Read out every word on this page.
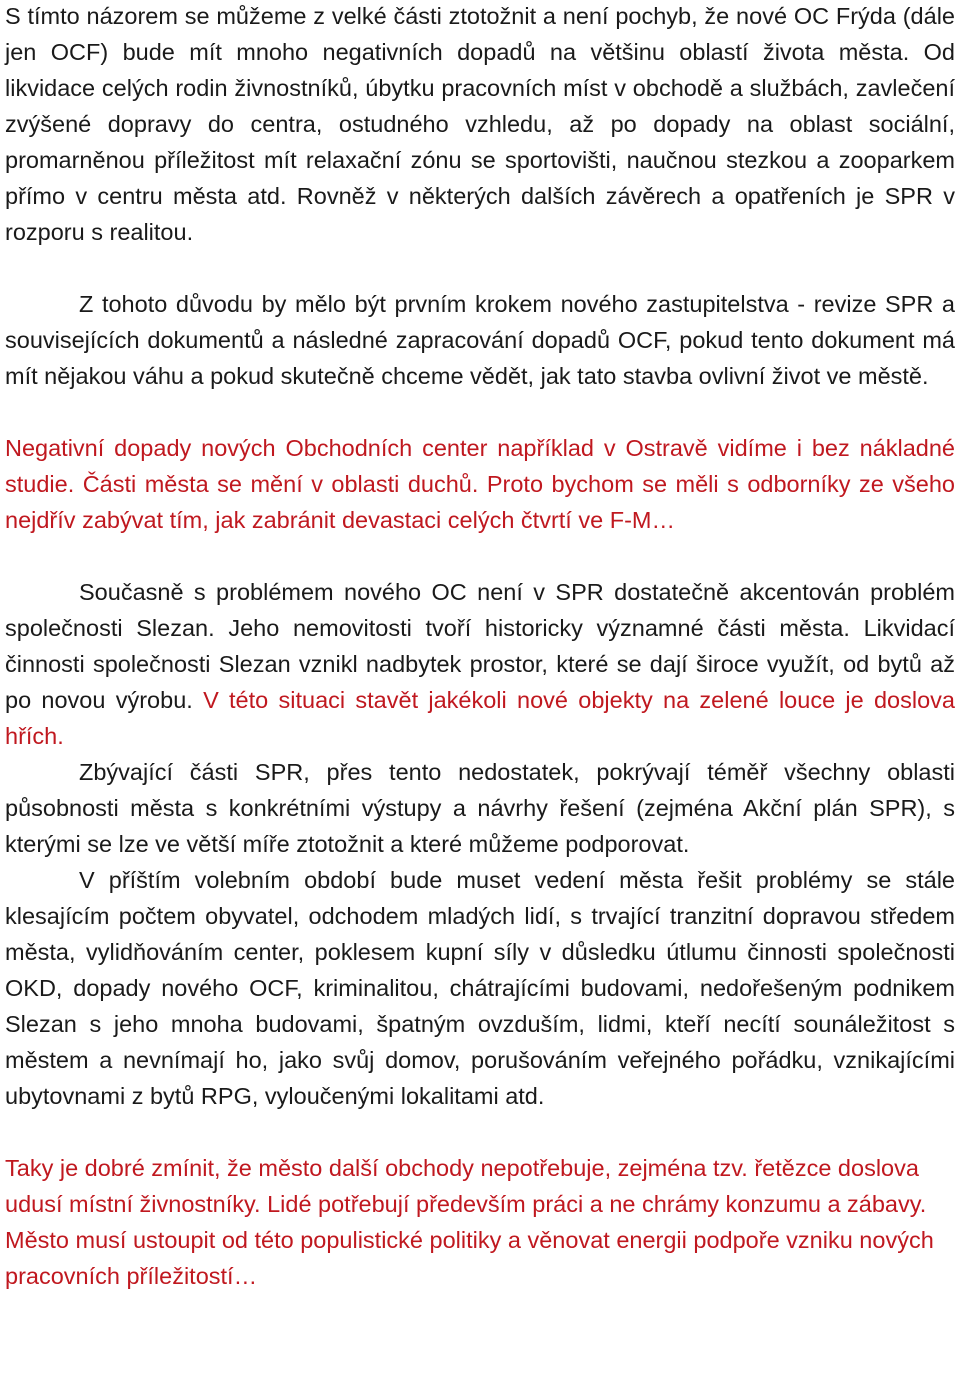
S tímto názorem se můžeme z velké části ztotožnit a není pochyb, že nové OC Frýda (dále jen OCF) bude mít mnoho negativních dopadů na většinu oblastí života města. Od likvidace celých rodin živnostníků, úbytku pracovních míst v obchodě a službách, zavlečení zvýšené dopravy do centra, ostudného vzhledu, až po dopady na oblast sociální, promarněnou příležitost mít relaxační zónu se sportovišti, naučnou stezkou a zooparkem přímo v centru města atd. Rovněž v některých dalších závěrech a opatřeních je SPR v rozporu s realitou.

Z tohoto důvodu by mělo být prvním krokem nového zastupitelstva - revize SPR a souvisejících dokumentů a následné zapracování dopadů OCF, pokud tento dokument má mít nějakou váhu a pokud skutečně chceme vědět, jak tato stavba ovlivní život ve městě.

Negativní dopady nových Obchodních center například v Ostravě vidíme i bez nákladné studie. Části města se mění v oblasti duchů. Proto bychom se měli s odborníky ze všeho nejdřív zabývat tím, jak zabránit devastaci celých čtvrtí ve F-M…

Současně s problémem nového OC není v SPR dostatečně akcentován problém společnosti Slezan. Jeho nemovitosti tvoří historicky významné části města. Likvidací činnosti společnosti Slezan vznikl nadbytek prostor, které se dají široce využít, od bytů až po novou výrobu. V této situaci stavět jakékoli nové objekty na zelené louce je doslova hřích.

Zbývající části SPR, přes tento nedostatek, pokrývají téměř všechny oblasti působnosti města s konkrétními výstupy a návrhy řešení (zejména Akční plán SPR), s kterými se lze ve větší míře ztotožnit a které můžeme podporovat.

V příštím volebním období bude muset vedení města řešit problémy se stále klesajícím počtem obyvatel, odchodem mladých lidí, s trvající tranzitní dopravou středem města, vylidňováním center, poklesem kupní síly v důsledku útlumu činnosti společnosti OKD, dopady nového OCF, kriminalitou, chátrajícími budovami, nedořešeným podnikem Slezan s jeho mnoha budovami, špatným ovzduším, lidmi, kteří necítí sounáležitost s městem a nevnímají ho, jako svůj domov, porušováním veřejného pořádku, vznikajícími ubytovnami z bytů RPG, vyloučenými lokalitami atd.

Taky je dobré zmínit, že město další obchody nepotřebuje, zejména tzv. řetězce doslova udusí místní živnostníky. Lidé potřebují především práci a ne chrámy konzumu a zábavy. Město musí ustoupit od této populistické politiky a věnovat energii podpoře vzniku nových pracovních příležitostí…
